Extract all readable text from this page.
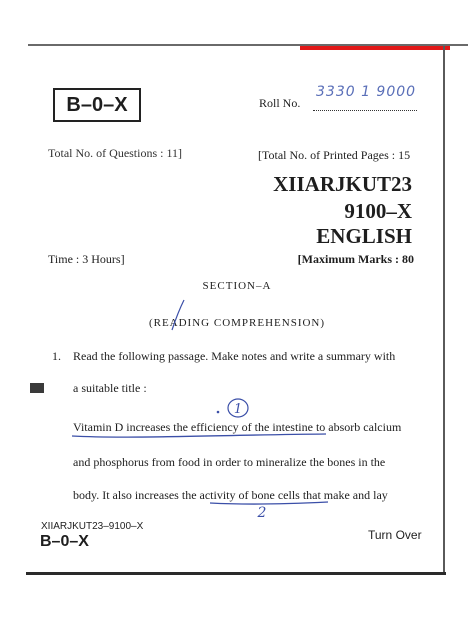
B–0–X	Roll No.
3330 1 9000
Total No. of Questions : 11]	[Total No. of Printed Pages : 15
XIIARJKUT23
9100–X
ENGLISH
Time : 3 Hours]	[Maximum Marks : 80
SECTION–A
(READING COMPREHENSION)
1. Read the following passage. Make notes and write a summary with
a suitable title :
1
Vitamin D increases the efficiency of the intestine to absorb calcium
and phosphorus from food in order to mineralize the bones in the
body. It also increases the activity of bone cells that make and lay
2
XIIARJKUT23–9100–X
B–0–X	Turn Over
